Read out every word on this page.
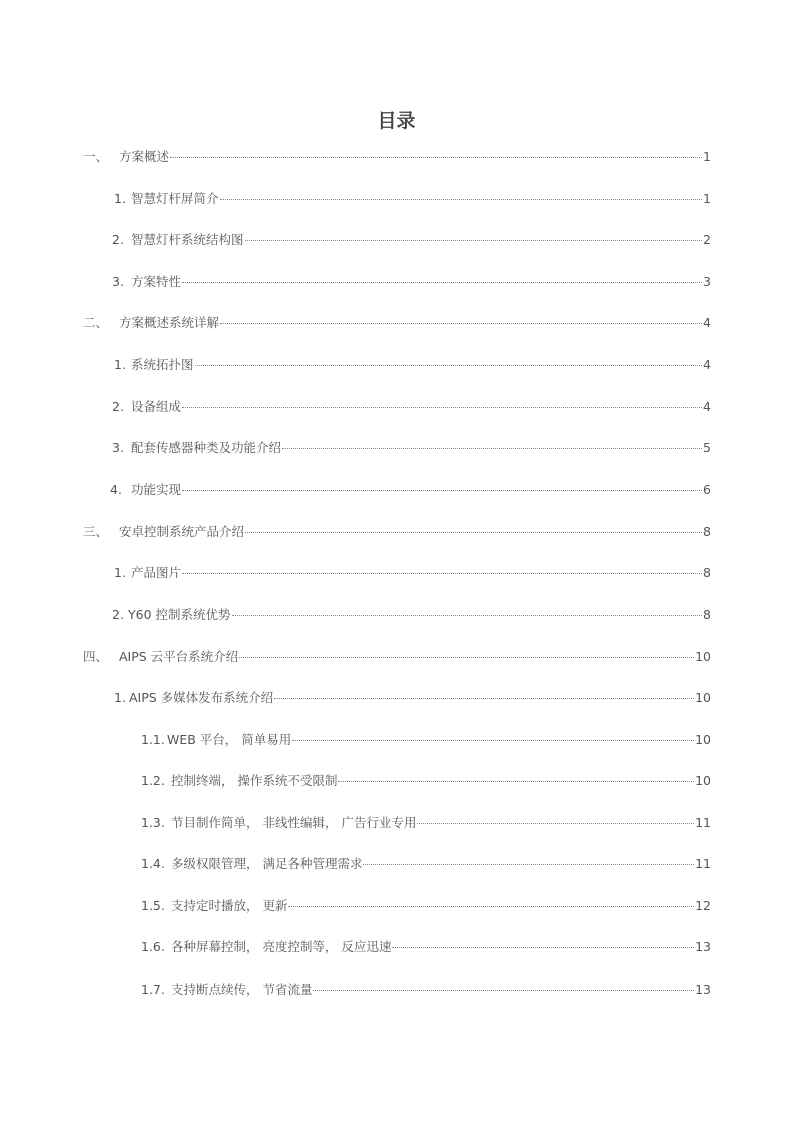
目录
一、 方案概述	1
1. 智慧灯杆屏简介	1
2. 智慧灯杆系统结构图	2
3. 方案特性	3
二、 方案概述系统详解	4
1. 系统拓扑图	4
2. 设备组成	4
3. 配套传感器种类及功能介绍	5
4. 功能实现	6
三、 安卓控制系统产品介绍	8
1. 产品图片	8
2. Y60 控制系统优势	8
四、 AIPS 云平台系统介绍	10
1. AIPS 多媒体发布系统介绍	10
1.1. WEB 平台， 简单易用	10
1.2. 控制终端， 操作系统不受限制	10
1.3. 节目制作简单， 非线性编辑， 广告行业专用	11
1.4. 多级权限管理， 满足各种管理需求	11
1.5. 支持定时播放， 更新	12
1.6. 各种屏幕控制， 亮度控制等， 反应迅速	13
1.7. 支持断点续传， 节省流量	13
